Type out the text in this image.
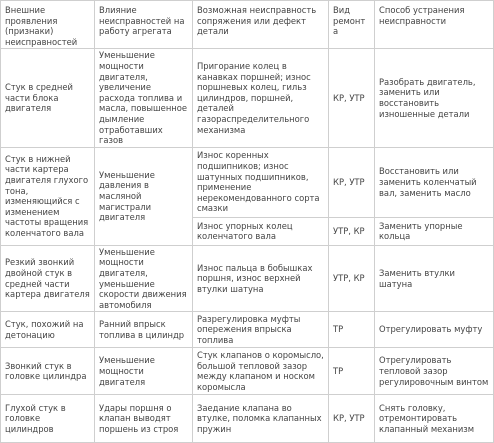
Внешние проявления (признаки) неисправностей	Влияние неисправностей на работу агрегата	Возможная неисправность сопряжения или дефект детали	Вид ремонта	Способ устранения неисправности
Стук в средней части блока двигателя	Уменьшение мощности двигателя, увеличение расхода топлива и масла, повышенное дымление отработавших газов	Пригорание колец в канавках поршней; износ поршневых колец, гильз цилиндров, поршней, деталей газораспределительного механизма	КР, УТР	Разобрать двигатель, заменить или восстановить изношенные детали
Стук в нижней части картера двигателя глухого тона, изменяющийся с изменением частоты вращения коленчатого вала	Уменьшение давления в масляной магистрали двигателя	Износ коренных подшипников; износ шатунных подшипников, применение нерекомендованного сорта смазки	КР, УТР	Восстановить или заменить коленчатый вал, заменить масло
		Износ упорных колец коленчатого вала	УТР, КР	Заменить упорные кольца
Резкий звонкий двойной стук в средней части картера двигателя	Уменьшение мощности двигателя, уменьшение скорости движения автомобиля	Износ пальца в бобышках поршня, износ верхней втулки шатуна	УТР, КР	Заменить втулки шатуна
Стук, похожий на детонацию	Ранний впрыск топлива в цилиндр	Разрегулировка муфты опережения впрыска топлива	ТР	Отрегулировать муфту
Звонкий стук в головке цилиндра	Уменьшение мощности двигателя	Стук клапанов о коромысло, большой тепловой зазор между клапаном и носком коромысла	ТР	Отрегулировать тепловой зазор регулировочным винтом
Глухой стук в головке цилиндров	Удары поршня о клапан выводят поршень из строя	Заедание клапана во втулке, поломка клапанных пружин	КР, УТР	Снять головку, отремонтировать клапанный механизм
